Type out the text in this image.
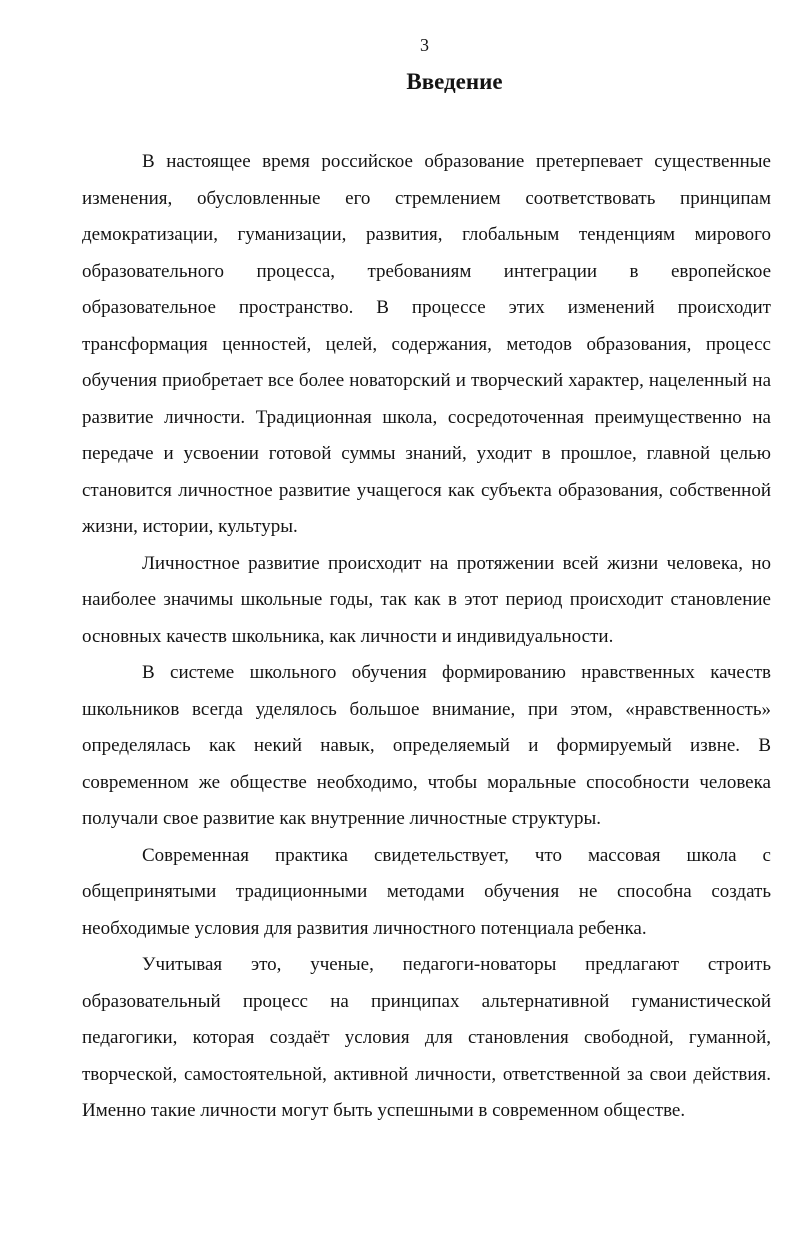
3
Введение

В настоящее время российское образование претерпевает существенные изменения, обусловленные его стремлением соответствовать принципам демократизации, гуманизации, развития, глобальным тенденциям мирового образовательного процесса, требованиям интеграции в европейское образовательное пространство. В процессе этих изменений происходит трансформация ценностей, целей, содержания, методов образования, процесс обучения приобретает все более новаторский и творческий характер, нацеленный на развитие личности. Традиционная школа, сосредоточенная преимущественно на передаче и усвоении готовой суммы знаний, уходит в прошлое, главной целью становится личностное развитие учащегося как субъекта образования, собственной жизни, истории, культуры.

Личностное развитие происходит на протяжении всей жизни человека, но наиболее значимы школьные годы, так как в этот период происходит становление основных качеств школьника, как личности и индивидуальности.

В системе школьного обучения формированию нравственных качеств школьников всегда уделялось большое внимание, при этом, «нравственность» определялась как некий навык, определяемый и формируемый извне. В современном же обществе необходимо, чтобы моральные способности человека получали свое развитие как внутренние личностные структуры.

Современная практика свидетельствует, что массовая школа с общепринятыми традиционными методами обучения не способна создать необходимые условия для развития личностного потенциала ребенка.

Учитывая это, ученые, педагоги-новаторы предлагают строить образовательный процесс на принципах альтернативной гуманистической педагогики, которая создаёт условия для становления свободной, гуманной, творческой, самостоятельной, активной личности, ответственной за свои действия. Именно такие личности могут быть успешными в современном обществе.
